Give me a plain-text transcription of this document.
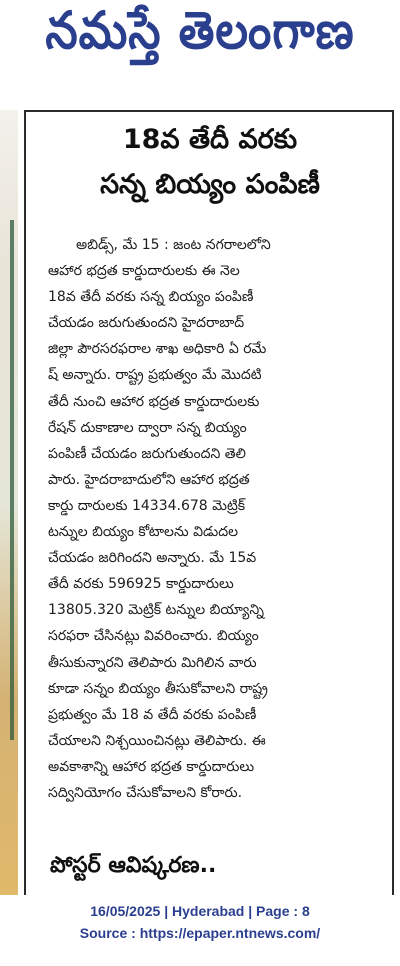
నమస్తే తెలంగాణ
18వ తేదీ వరకు
సన్న బియ్యం పంపిణీ
అబిడ్స్, మే 15 : జంట నగరాలలోని
ఆహార భద్రత కార్డుదారులకు ఈ నెల
18వ తేదీ వరకు సన్న బియ్యం పంపిణీ
చేయడం జరుగుతుందని హైదరాబాద్
జిల్లా పౌరసరఫరాల శాఖ అధికారి ఏ రమే
ష్ అన్నారు. రాష్ట్ర ప్రభుత్వం మే మొదటి
తేదీ నుంచి ఆహార భద్రత కార్డుదారులకు
రేషన్ దుకాణాల ద్వారా సన్న బియ్యం
పంపిణీ చేయడం జరుగుతుందని తెలి
పారు. హైదరాబాదులోని ఆహార భద్రత
కార్డు దారులకు 14334.678 మెట్రిక్
టన్నుల బియ్యం కోటాలను విడుదల
చేయడం జరిగిందని అన్నారు. మే 15వ
తేదీ వరకు 596925 కార్డుదారులు
13805.320 మెట్రిక్ టన్నుల బియ్యాన్ని
సరఫరా చేసినట్లు వివరించారు. బియ్యం
తీసుకున్నారని తెలిపారు మిగిలిన వారు
కూడా సన్నం బియ్యం తీసుకోవాలని రాష్ట్ర
ప్రభుత్వం మే 18 వ తేదీ వరకు పంపిణీ
చేయాలని నిశ్చయించినట్లు తెలిపారు. ఈ
అవకాశాన్ని ఆహార భద్రత కార్డుదారులు
సద్వినియోగం చేసుకోవాలని కోరారు.
పోస్టర్ ఆవిష్కరణ..
16/05/2025 | Hyderabad | Page : 8
Source : https://epaper.ntnews.com/
